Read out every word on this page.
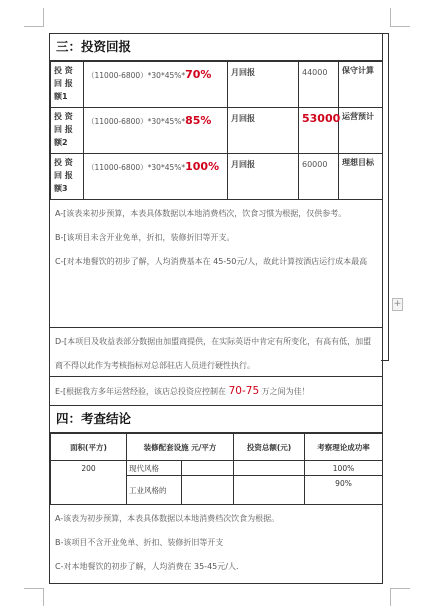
+
三：投资回报
投 资 回 报 额1	（11000-6800）*30*45%*70%	月回报	44000	保守计算
投 资 回 报 额2	（11000-6800）*30*45%*85%	月回报	53000	运营预计
投 资 回 报 额3	（11000-6800）*30*45%*100%	月回报	60000	理想目标
A-[该表来初步预算，本表具体数据以本地消费档次，饮食习惯为根据，仅供参考。
B-[该项目未含开业免单，折扣，装修折旧等开支。
C-[对本地餐饮的初步了解，人均消费基本在 45-50元/人，故此计算按酒店运行成本最高
D-[本项目及收益表部分数据由加盟商提供，在实际英语中肯定有所变化，有高有低，加盟商不得以此作为考核指标对总部驻店人员进行硬性执行。
E-[根据我方多年运营经验，该店总投资应控制在 70-75 万之间为佳！
四：考查结论
面积(平方)	装修配套设施 元/平方		投资总额(元)	考察理论成功率
200	现代风格			100%
	工业风格的			90%
A-该表为初步预算，本表具体数据以本地消费档次饮食为根据。
B-该项目不含开业免单、折扣、装修折旧等开支
C-对本地餐饮的初步了解，人均消费在 35-45元/人.
